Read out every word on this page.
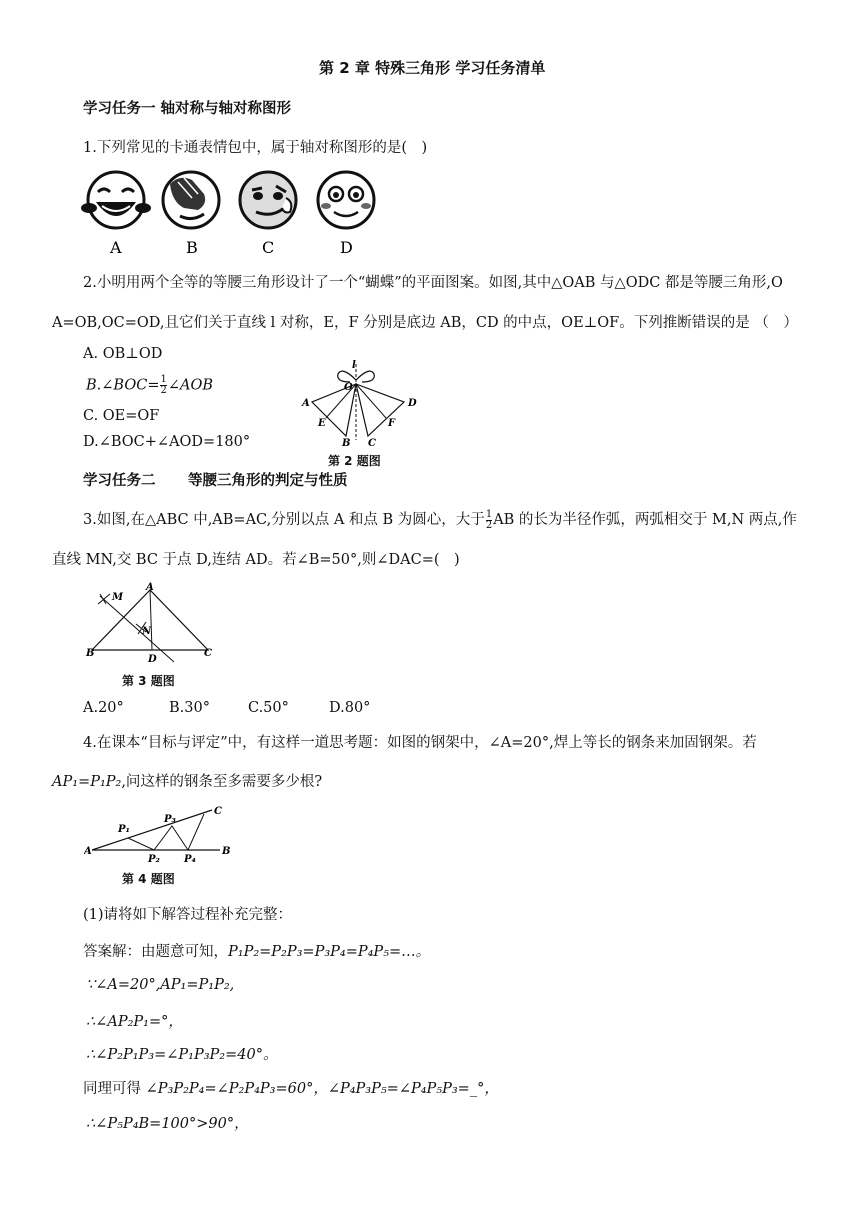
第 2 章 特殊三角形 学习任务清单
学习任务一 轴对称与轴对称图形
1.下列常见的卡通表情包中，属于轴对称图形的是(　)
A	B	C	D
2.小明用两个全等的等腰三角形设计了一个“蝴蝶”的平面图案。如图,其中△OAB 与△ODC 都是等腰三角形,O
A=OB,OC=OD,且它们关于直线 l 对称，E，F 分别是底边 AB，CD 的中点，OE⊥OF。下列推断错误的是 （　）
A. OB⊥OD
B.∠BOC= $\frac{1}{2}$ ∠AOB
C. OE=OF
D.∠BOC+∠AOD=180°
l
O
A	D
E	F
B C
第 2 题图
学习任务二 等腰三角形的判定与性质
3.如图,在△ABC 中,AB=AC,分别以点 A 和点 B 为圆心，大于 $\frac{1}{2}$ AB 的长为半径作弧，两弧相交于 M,N 两点,作
直线 MN,交 BC 于点 D,连结 AD。若∠B=50°,则∠DAC=(　)
A
M
N
B
D
C
第 3 题图
A.20°	B.30°	C.50°	D.80°
4.在课本“目标与评定”中，有这样一道思考题：如图的钢架中，∠A=20°,焊上等长的钢条来加固钢架。若
AP₁=P₁P₂,问这样的钢条至多需要多少根?
C
P₃
P₁
A
P₂ P₄
B
第 4 题图
(1)请将如下解答过程补充完整：
答案解：由题意可知，P₁P₂=P₂P₃=P₃P₄=P₄P₅=…。
∵∠A=20°,AP₁=P₁P₂,
∴∠AP₂P₁=°，
∴∠P₂P₁P₃=∠P₁P₃P₂=40°。
同理可得 ∠P₃P₂P₄=∠P₂P₄P₃=60°，∠P₄P₃P₅=∠P₄P₅P₃=_°，
∴∠P₅P₄B=100°>90°，
